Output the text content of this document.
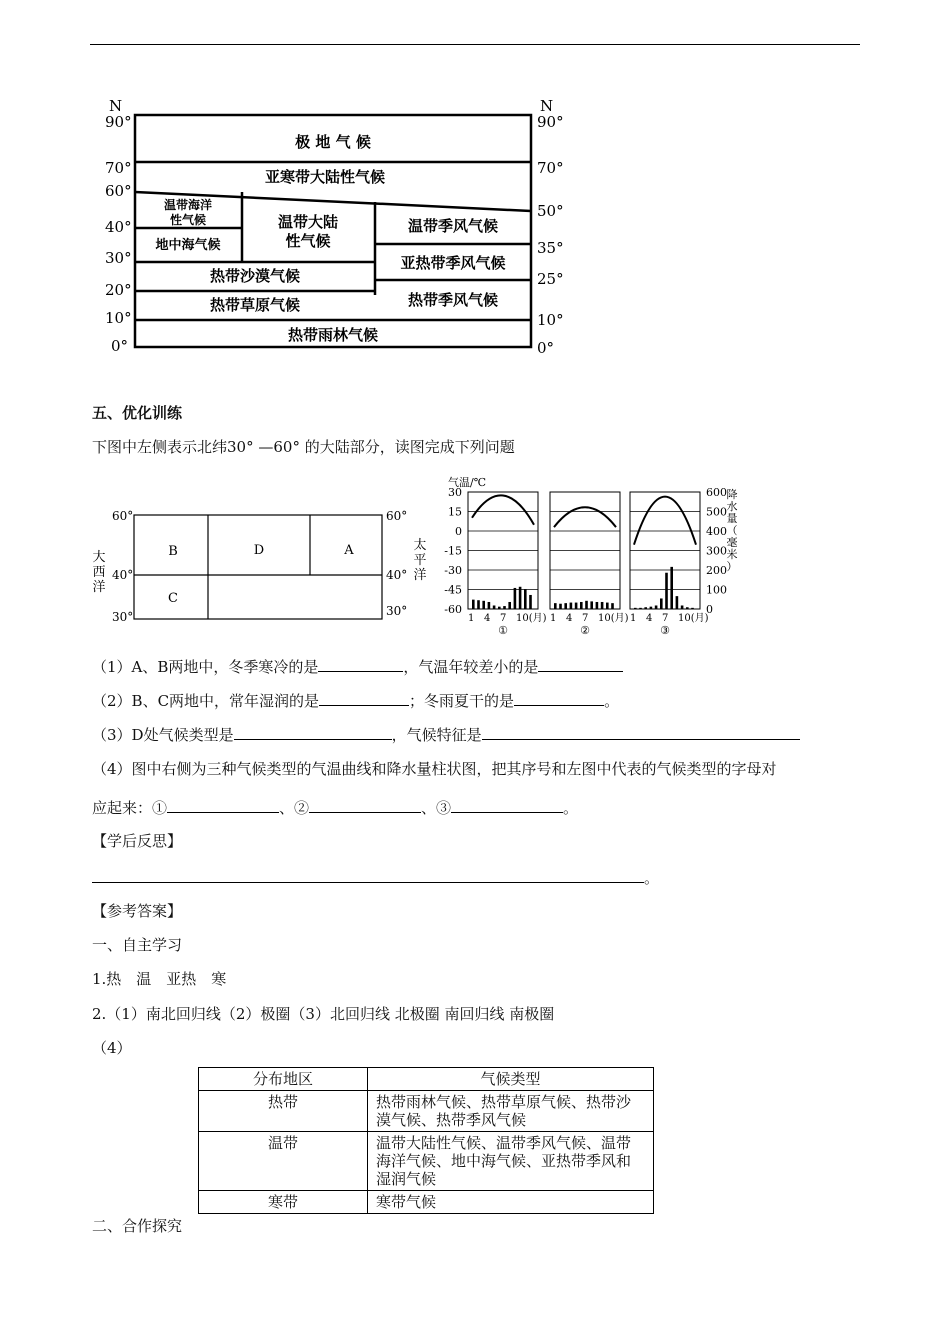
N	N
90°
70°
60°
40°
30°
20°
10°
0°
90°
70°
50°
35°
25°
10°
0°
极 地 气 候
亚寒带大陆性气候
温带海洋性气候
地中海气候
温带大陆性气候
温带季风气候
亚热带季风气候
热带沙漠气候
热带草原气候	热带季风气候
热带雨林气候
五、优化训练
下图中左侧表示北纬30° —60° 的大陆部分，读图完成下列问题
60°
40°
30°
60°
40°
30°
大西洋
太平洋
B	D	A
C
气温/℃
30
15
0
-15
-30
-45
-60
600
500
400
300
200
100
0
降水量（毫米）
1 4 7 10(月)
①
1 4 7 10(月)
②
1 4 7 10(月)
③
（1）A、B两地中，冬季寒冷的是	，气温年较差小的是
（2）B、C两地中，常年湿润的是	；冬雨夏干的是	。
（3）D处气候类型是	，气候特征是
（4）图中右侧为三种气候类型的气温曲线和降水量柱状图，把其序号和左图中代表的气候类型的字母对
应起来：①	、②	、③	。
【学后反思】
。
【参考答案】
一、自主学习
1.热　温　亚热　寒
2.（1）南北回归线（2）极圈（3）北回归线 北极圈 南回归线 南极圈
（4）
分布地区	气候类型
热带	热带雨林气候、热带草原气候、热带沙漠气候、热带季风气候
温带	温带大陆性气候、温带季风气候、温带海洋气候、地中海气候、亚热带季风和湿润气候
寒带	寒带气候
二、合作探究
